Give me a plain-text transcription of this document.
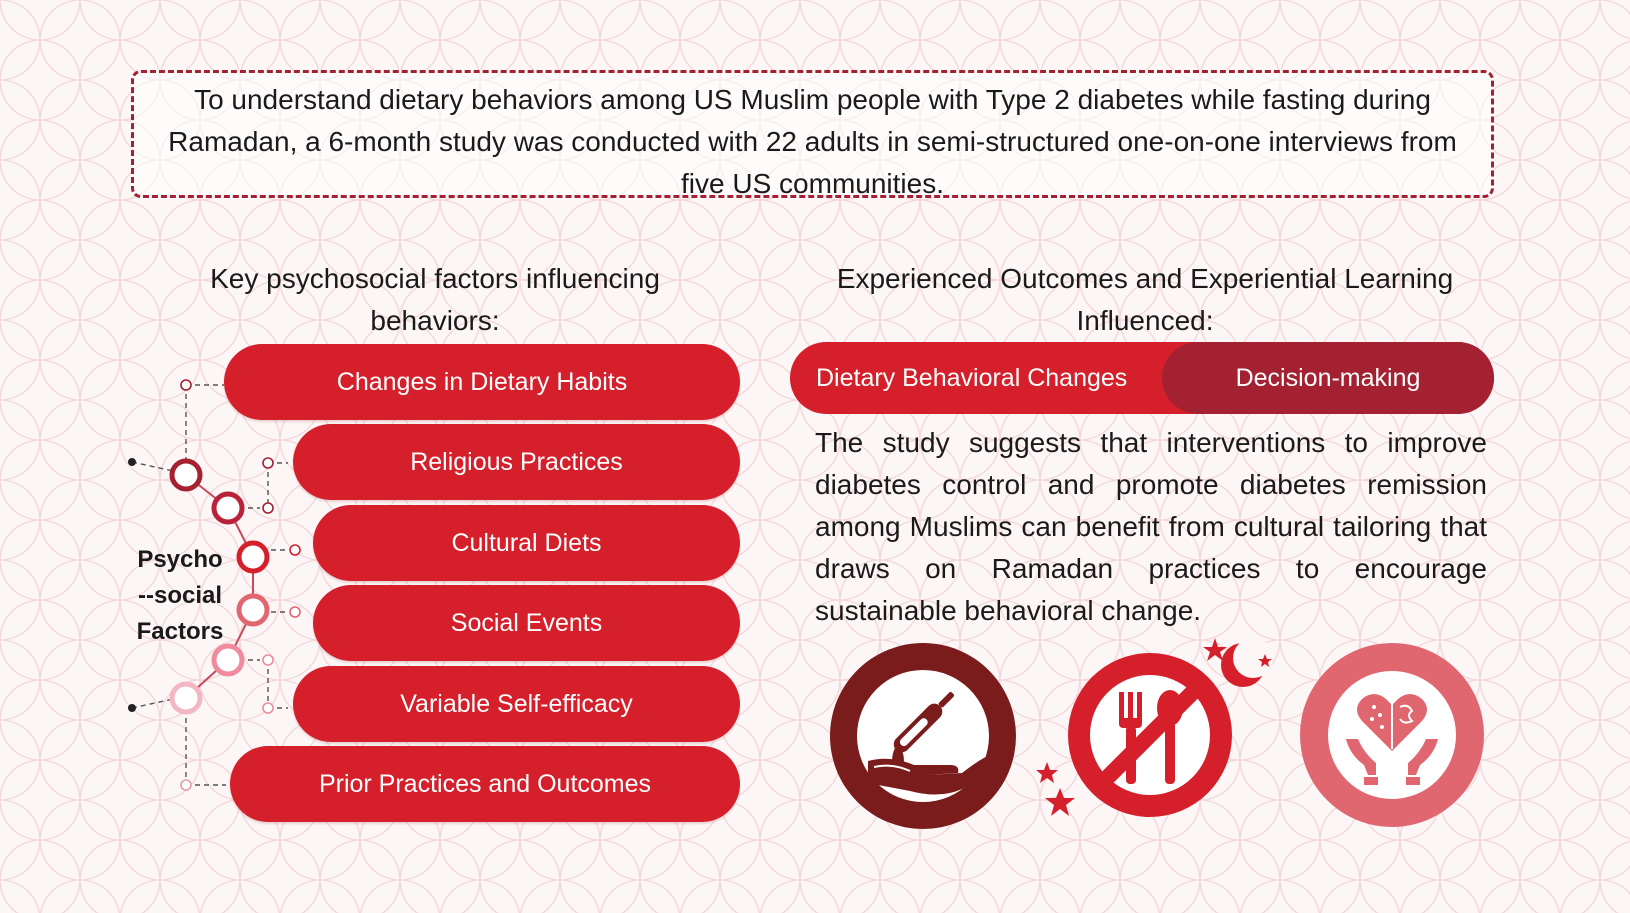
To understand dietary behaviors among US Muslim people with Type 2 diabetes while fasting during Ramadan, a 6-month study was conducted with 22 adults in semi-structured one-on-one interviews from five US communities.
Key psychosocial factors influencing behaviors:
Experienced Outcomes and Experiential Learning Influenced:
Psycho
--social
Factors
Changes in Dietary Habits
Religious Practices
Cultural Diets
Social Events
Variable Self-efficacy
Prior Practices and Outcomes
Dietary Behavioral Changes	Decision-making
The study suggests that interventions to improve diabetes control and promote diabetes remission among Muslims can benefit from cultural tailoring that draws on Ramadan practices to encourage sustainable behavioral change.
